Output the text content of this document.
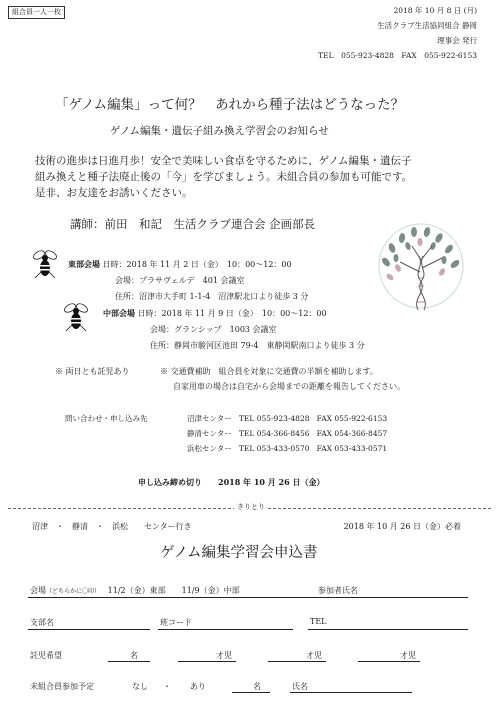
組合員一人一枚	2018 年 10 月 8 日 (月)
生活クラブ生活協同組合 静岡
理事会 発行
TEL　055-923-4828　FAX　055-922-6153
「ゲノム編集」って何？　あれから種子法はどうなった？
ゲノム編集・遺伝子組み換え学習会のお知らせ
技術の進歩は日進月歩！安全で美味しい食卓を守るために、ゲノム編集・遺伝子
組み換えと種子法廃止後の「今」を学びましょう。未組合員の参加も可能です。
是非、お友達をお誘いください。
講師：前田　和記　生活クラブ連合会 企画部長
東部会場 日時：2018 年 11 月 2 日（金）　10：00～12：00
会場：プラサヴェルデ　401 会議室
住所：沼津市大手町 1-1-4　沼津駅北口より徒歩 3 分
中部会場 日時：2018 年 11 月 9 日（金）　10：00～12：00
会場：グランシップ　1003 会議室
住所：静岡市駿河区池田 79-4　東静岡駅南口より徒歩 3 分
※ 両日とも託児あり	※ 交通費補助　組合員を対象に交通費の半額を補助します。
自家用車の場合は自宅から会場までの距離を報告してください。
問い合わせ・申し込み先	沼津センター TEL 055-923-4828 FAX 055-922-6153
静清センター TEL 054-366-8456 FAX 054-366-8457
浜松センター TEL 053-433-0570 FAX 053-433-0571
申し込み締め切り　　2018 年 10 月 26 日（金）
きりとり
沼津　・　静清　・　浜松　　センター行き	2018 年 10 月 26 日（金）必着
ゲノム編集学習会申込書
会場（どちらかに〇印） 11/2（金）東部　　11/9（金）中部	参加者氏名
支部名	班コード	TEL
託児希望	名	才児	才児	才児
未組合員参加予定	なし ・ あり	名	氏名
